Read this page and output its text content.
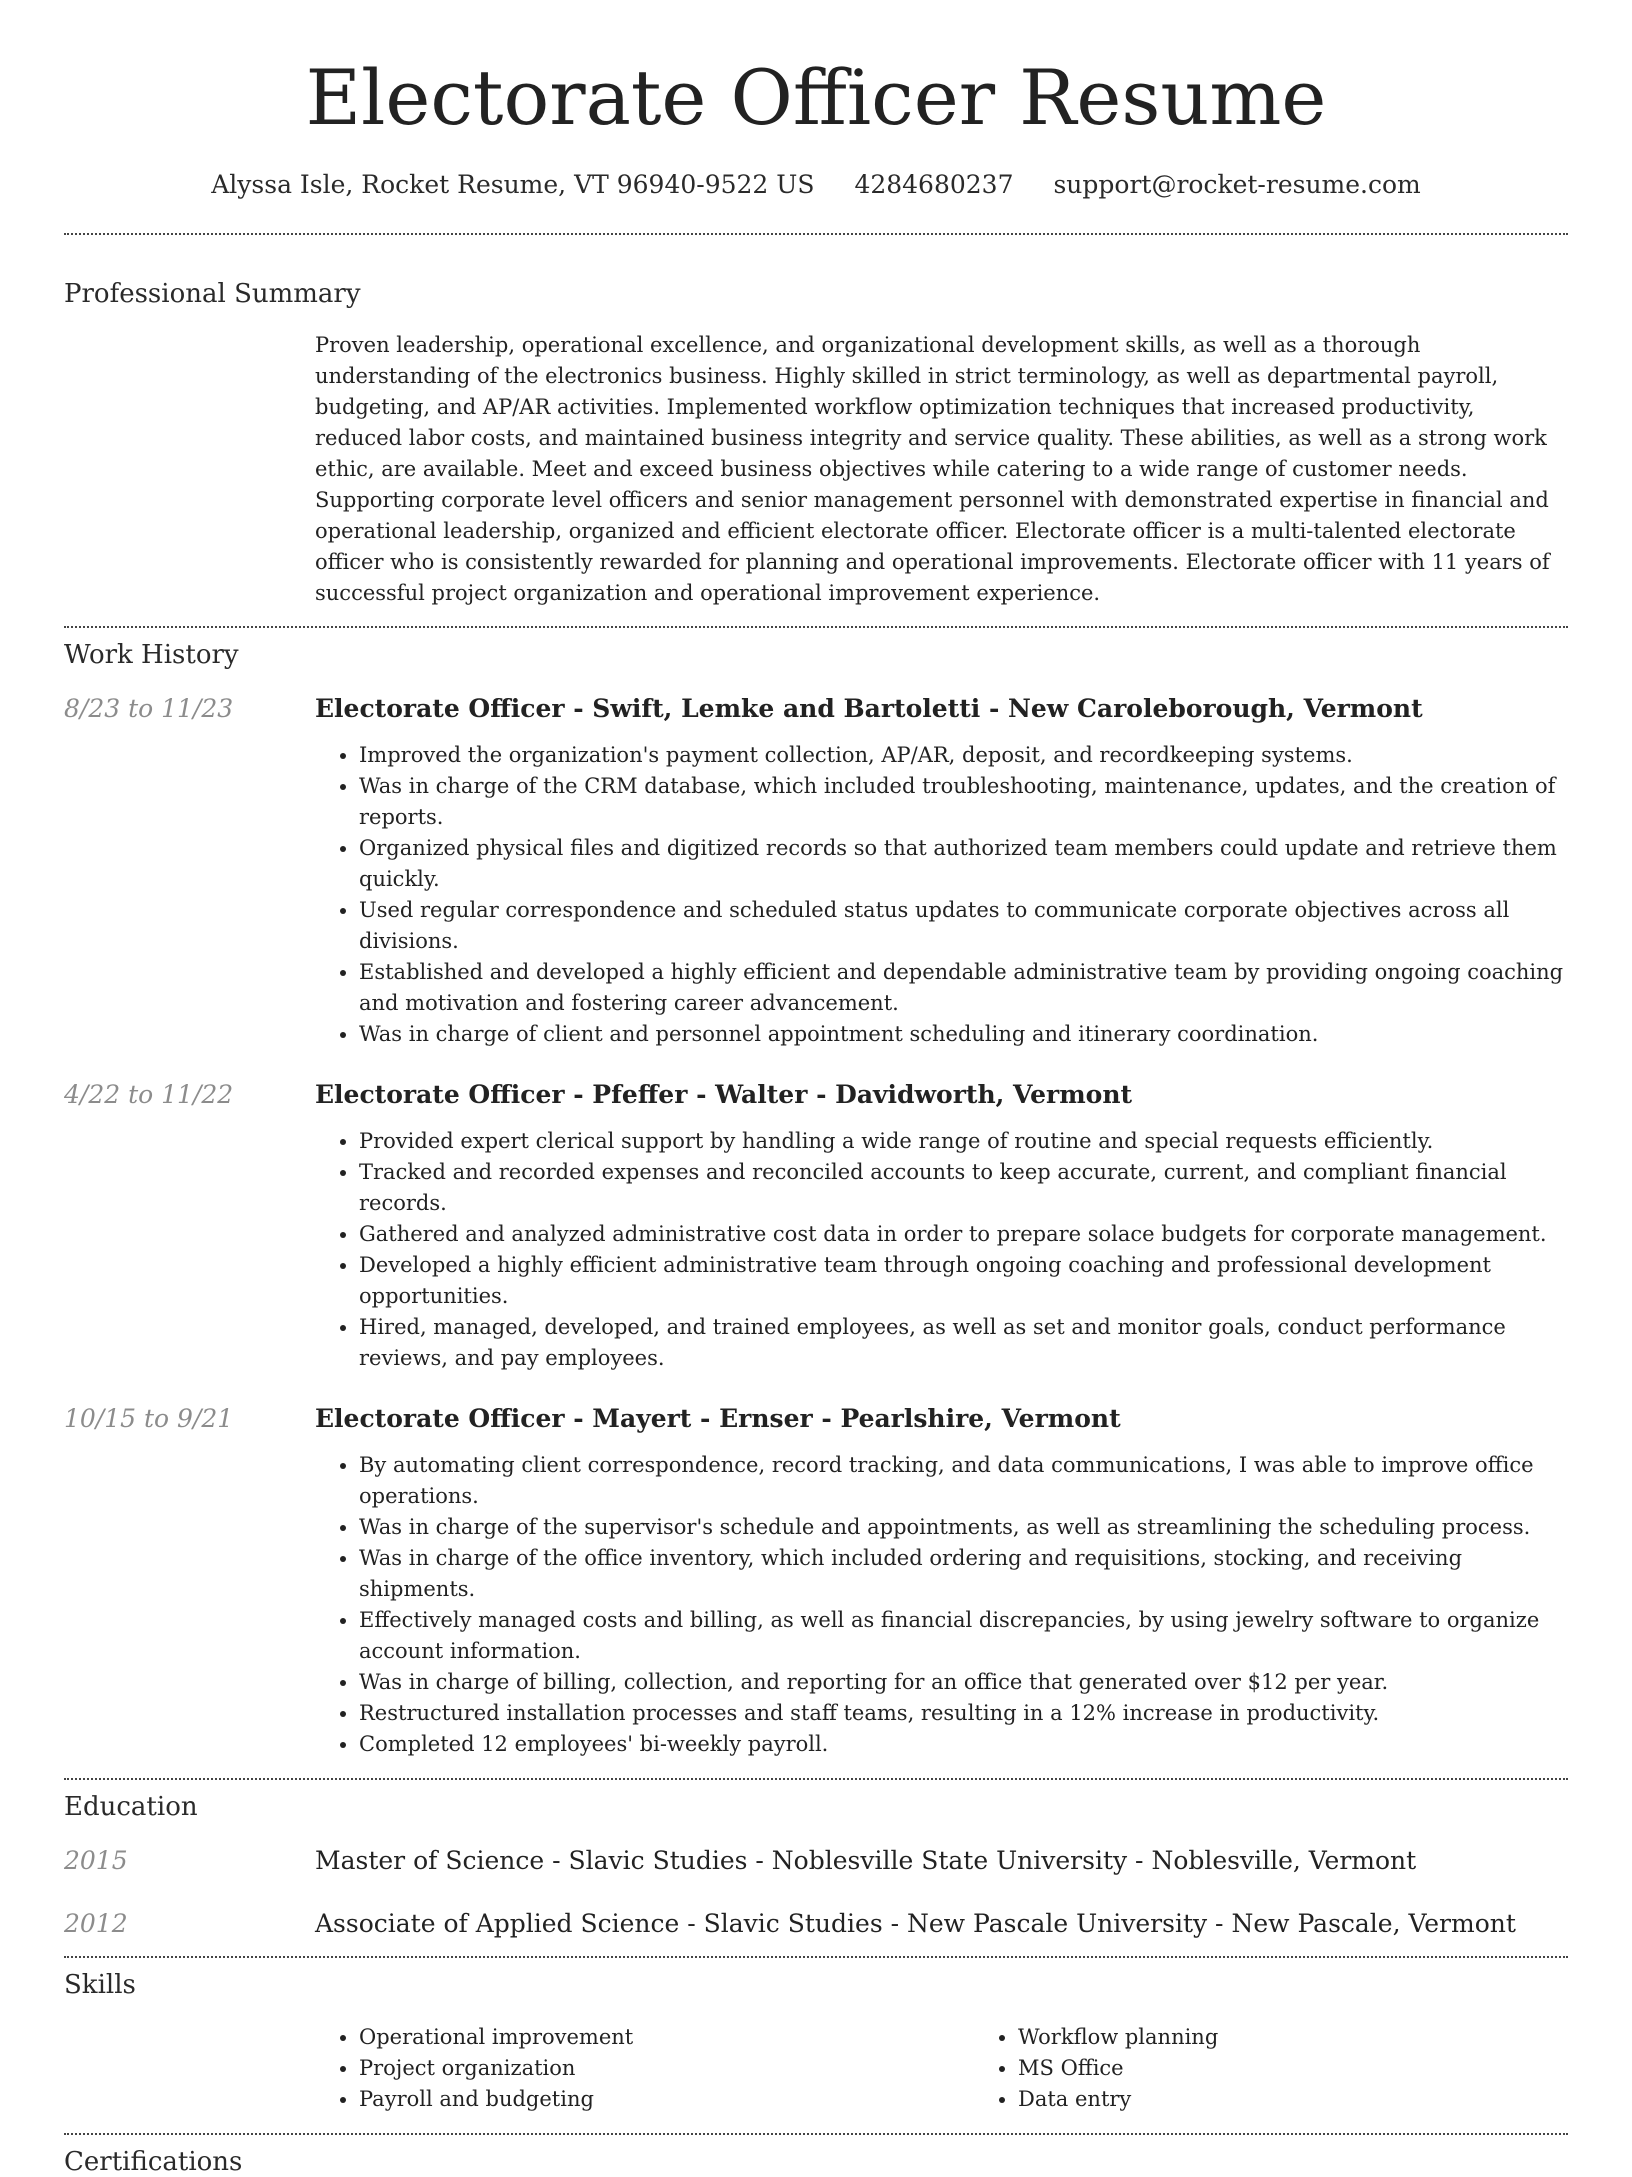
Electorate Officer Resume
Alyssa Isle, Rocket Resume, VT 96940-9522 US 4284680237 support@rocket-resume.com
Professional Summary

Proven leadership, operational excellence, and organizational development skills, as well as a thorough understanding of the electronics business. Highly skilled in strict terminology, as well as departmental payroll, budgeting, and AP/AR activities. Implemented workflow optimization techniques that increased productivity, reduced labor costs, and maintained business integrity and service quality. These abilities, as well as a strong work ethic, are available. Meet and exceed business objectives while catering to a wide range of customer needs. Supporting corporate level officers and senior management personnel with demonstrated expertise in financial and operational leadership, organized and efficient electorate officer. Electorate officer is a multi-talented electorate officer who is consistently rewarded for planning and operational improvements. Electorate officer with 11 years of successful project organization and operational improvement experience.

Work History
8/23 to 11/23	Electorate Officer - Swift, Lemke and Bartoletti - New Caroleborough, Vermont
• Improved the organization's payment collection, AP/AR, deposit, and recordkeeping systems.
• Was in charge of the CRM database, which included troubleshooting, maintenance, updates, and the creation of reports.
• Organized physical files and digitized records so that authorized team members could update and retrieve them quickly.
• Used regular correspondence and scheduled status updates to communicate corporate objectives across all divisions.
• Established and developed a highly efficient and dependable administrative team by providing ongoing coaching and motivation and fostering career advancement.
• Was in charge of client and personnel appointment scheduling and itinerary coordination.
4/22 to 11/22	Electorate Officer - Pfeffer - Walter - Davidworth, Vermont
• Provided expert clerical support by handling a wide range of routine and special requests efficiently.
• Tracked and recorded expenses and reconciled accounts to keep accurate, current, and compliant financial records.
• Gathered and analyzed administrative cost data in order to prepare solace budgets for corporate management.
• Developed a highly efficient administrative team through ongoing coaching and professional development opportunities.
• Hired, managed, developed, and trained employees, as well as set and monitor goals, conduct performance reviews, and pay employees.
10/15 to 9/21	Electorate Officer - Mayert - Ernser - Pearlshire, Vermont
• By automating client correspondence, record tracking, and data communications, I was able to improve office operations.
• Was in charge of the supervisor's schedule and appointments, as well as streamlining the scheduling process.
• Was in charge of the office inventory, which included ordering and requisitions, stocking, and receiving shipments.
• Effectively managed costs and billing, as well as financial discrepancies, by using jewelry software to organize account information.
• Was in charge of billing, collection, and reporting for an office that generated over $12 per year.
• Restructured installation processes and staff teams, resulting in a 12% increase in productivity.
• Completed 12 employees' bi-weekly payroll.
Education
2015	Master of Science - Slavic Studies - Noblesville State University - Noblesville, Vermont
2012	Associate of Applied Science - Slavic Studies - New Pascale University - New Pascale, Vermont
Skills
• Operational improvement
• Project organization
• Payroll and budgeting
• Workflow planning
• MS Office
• Data entry
Certifications
